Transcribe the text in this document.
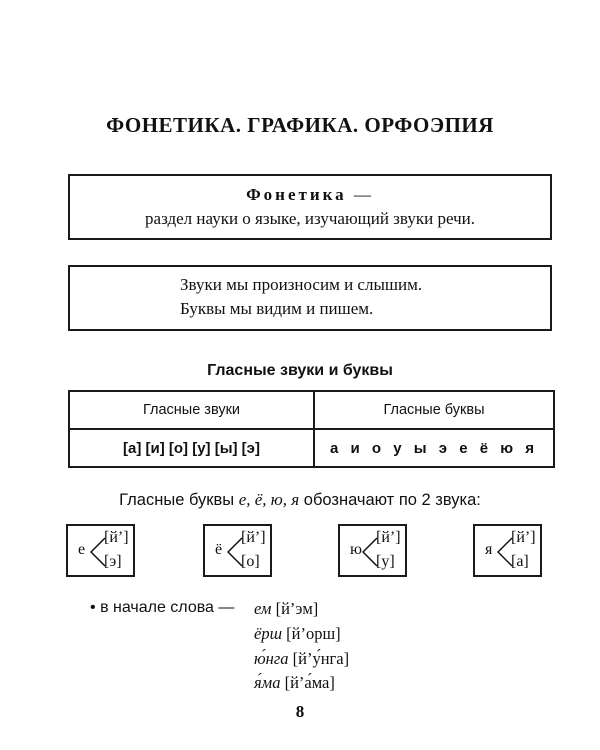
ФОНЕТИКА. ГРАФИКА. ОРФОЭПИЯ
Фонетика —
раздел науки о языке, изучающий звуки речи.
Звуки мы произносим и слышим.
Буквы мы видим и пишем.
Гласные звуки и буквы
Гласные звуки	Гласные буквы
[а] [и] [о] [у] [ы] [э]	а и о у ы э е ё ю я
Гласные буквы е, ё, ю, я обозначают по 2 звука:
е
[й’]
[э]
ё
[й’]
[о]
ю
[й’]
[у]
я
[й’]
[а]
• в начале слова — ем [й’эм]
ёрш [й’орш]
ю́нга [й’у́нга]
я́ма [й’а́ма]
8
